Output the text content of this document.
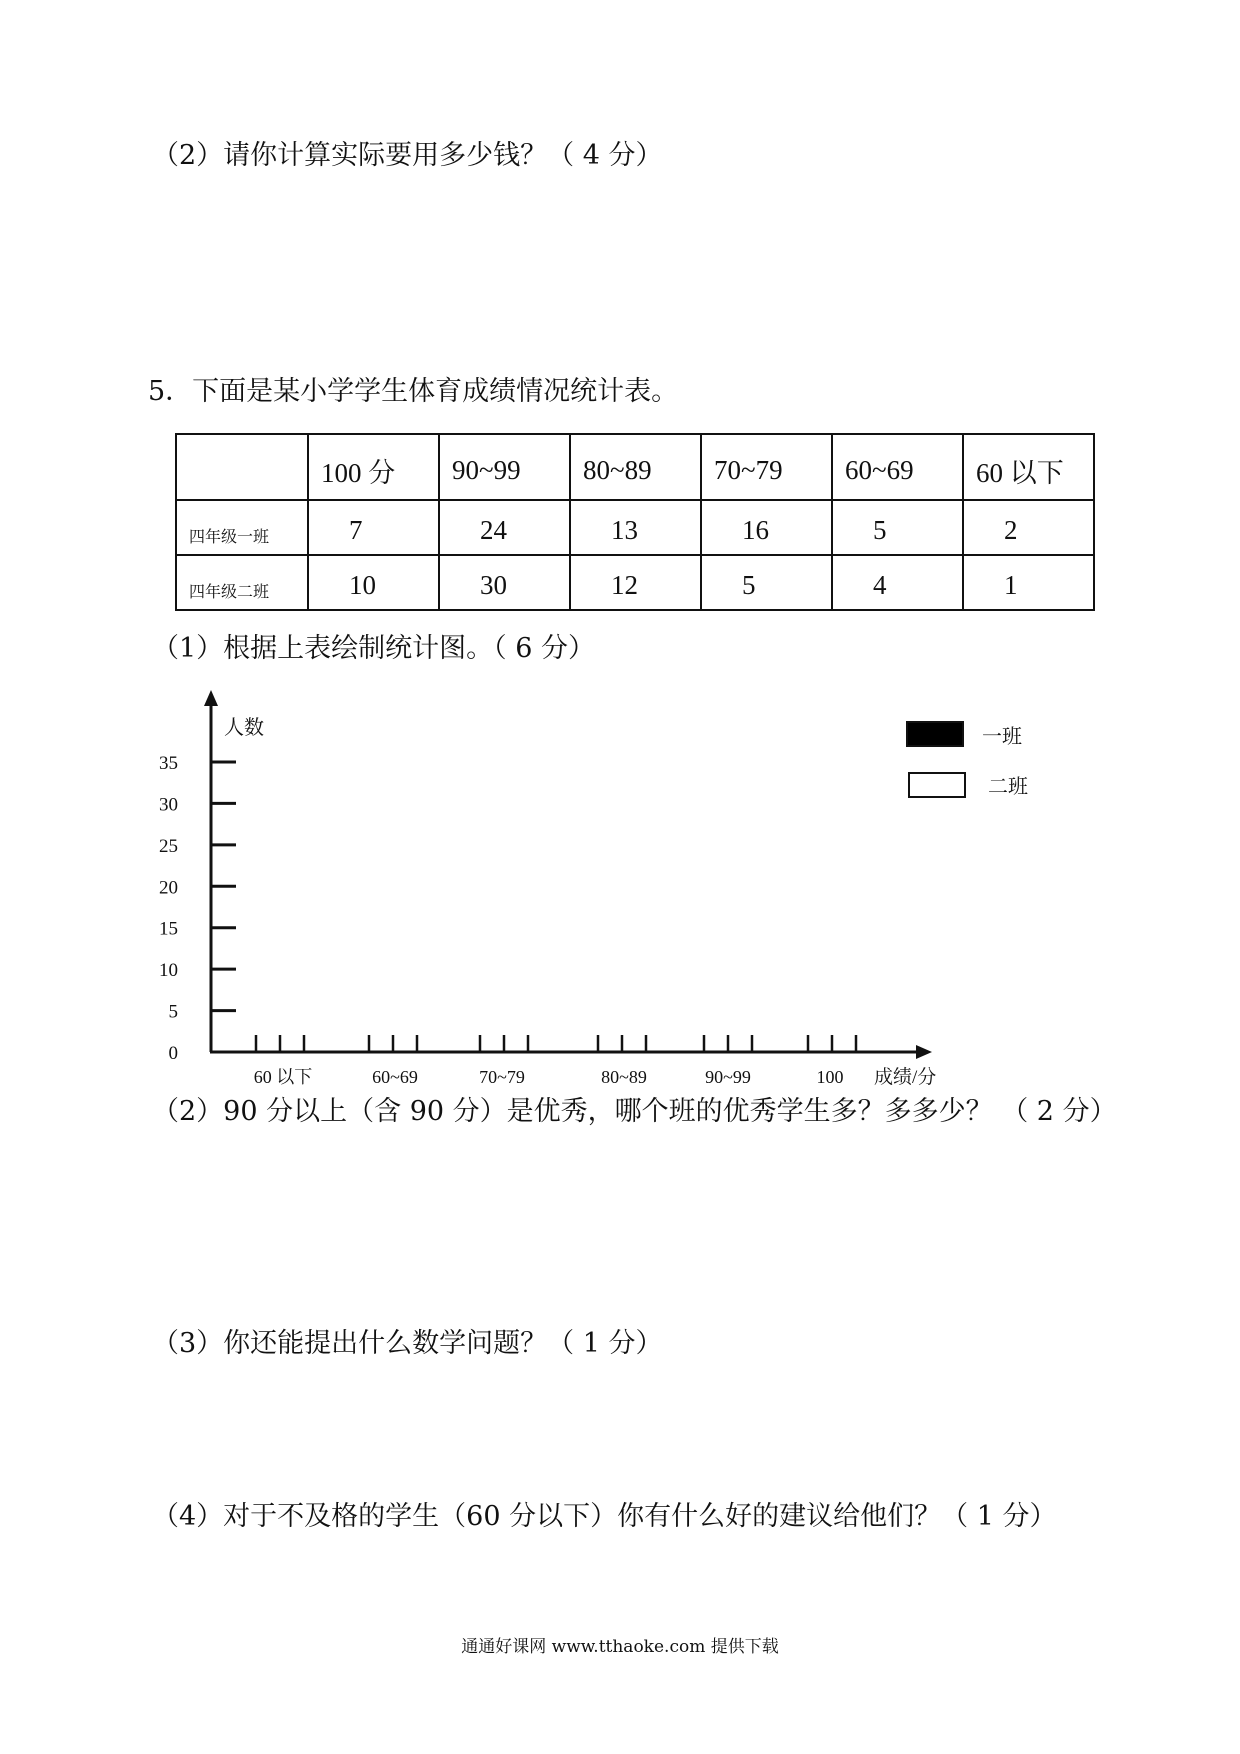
（2）请你计算实际要用多少钱？（ 4 分）
5．下面是某小学学生体育成绩情况统计表。
	100 分	90~99	80~89	70~79	60~69	60 以下
四年级一班	7	24	13	16	5	2
四年级二班	10	30	12	5	4	1
（1）根据上表绘制统计图。（ 6 分）
人数
成绩/分
0
5
10
15
20
25
30
35
60 以下	60~69	70~79	80~89	90~99	100
一班
二班
（2）90 分以上（含 90 分）是优秀，哪个班的优秀学生多？多多少？ （ 2 分）
（3）你还能提出什么数学问题？（ 1 分）
（4）对于不及格的学生（60 分以下）你有什么好的建议给他们？（ 1 分）
通通好课网 www.tthaoke.com 提供下载
